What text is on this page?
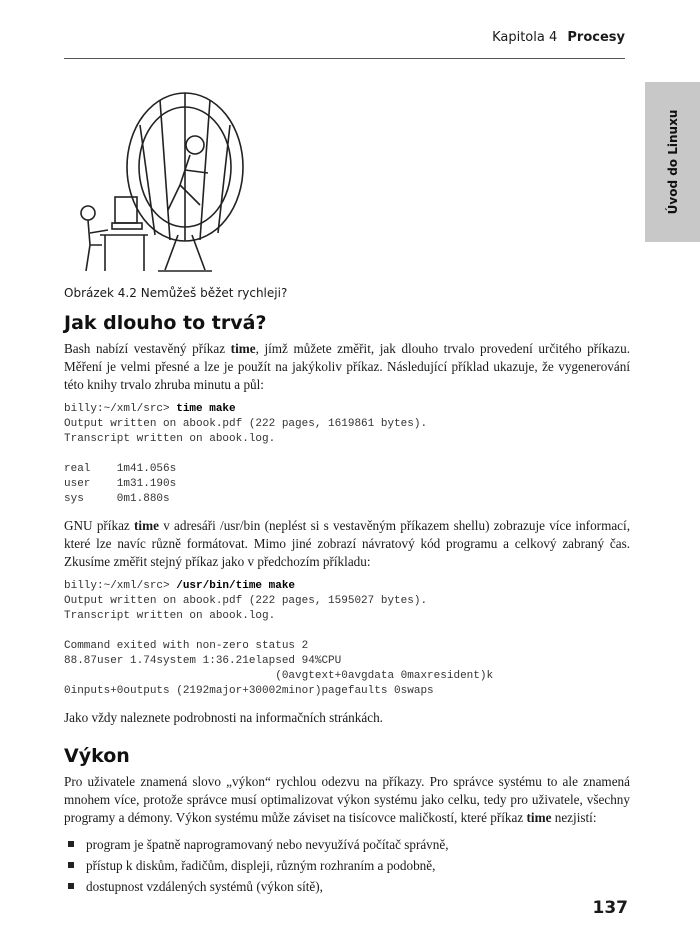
Kapitola 4 Procesy
Úvod do Linuxu
Obrázek 4.2 Nemůžeš běžet rychleji?
Jak dlouho to trvá?

Bash nabízí vestavěný příkaz time, jímž můžete změřit, jak dlouho trvalo provedení určitého příkazu. Měření je velmi přesné a lze je použít na jakýkoliv příkaz. Následující příklad ukazuje, že vygenerování této knihy trvalo zhruba minutu a půl:

billy:~/xml/src> time make
Output written on abook.pdf (222 pages, 1619861 bytes).
Transcript written on abook.log.

real    1m41.056s
user    1m31.190s
sys     0m1.880s

GNU příkaz time v adresáři /usr/bin (neplést si s vestavěným příkazem shellu) zobrazuje více informací, které lze navíc různě formátovat. Mimo jiné zobrazí návratový kód programu a celkový zabraný čas. Zkusíme změřit stejný příkaz jako v předchozím příkladu:

billy:~/xml/src> /usr/bin/time make
Output written on abook.pdf (222 pages, 1595027 bytes).
Transcript written on abook.log.

Command exited with non-zero status 2
88.87user 1.74system 1:36.21elapsed 94%CPU
(0avgtext+0avgdata 0maxresident)k
0inputs+0outputs (2192major+30002minor)pagefaults 0swaps

Jako vždy naleznete podrobnosti na informačních stránkách.

Výkon

Pro uživatele znamená slovo „výkon“ rychlou odezvu na příkazy. Pro správce systému to ale znamená mnohem více, protože správce musí optimalizovat výkon systému jako celku, tedy pro uživatele, všechny programy a démony. Výkon systému může záviset na tisícovce maličkostí, které příkaz time nezjistí:

program je špatně naprogramovaný nebo nevyužívá počítač správně,
přístup k diskům, řadičům, displeji, různým rozhraním a podobně,
dostupnost vzdálených systémů (výkon sítě),
137
